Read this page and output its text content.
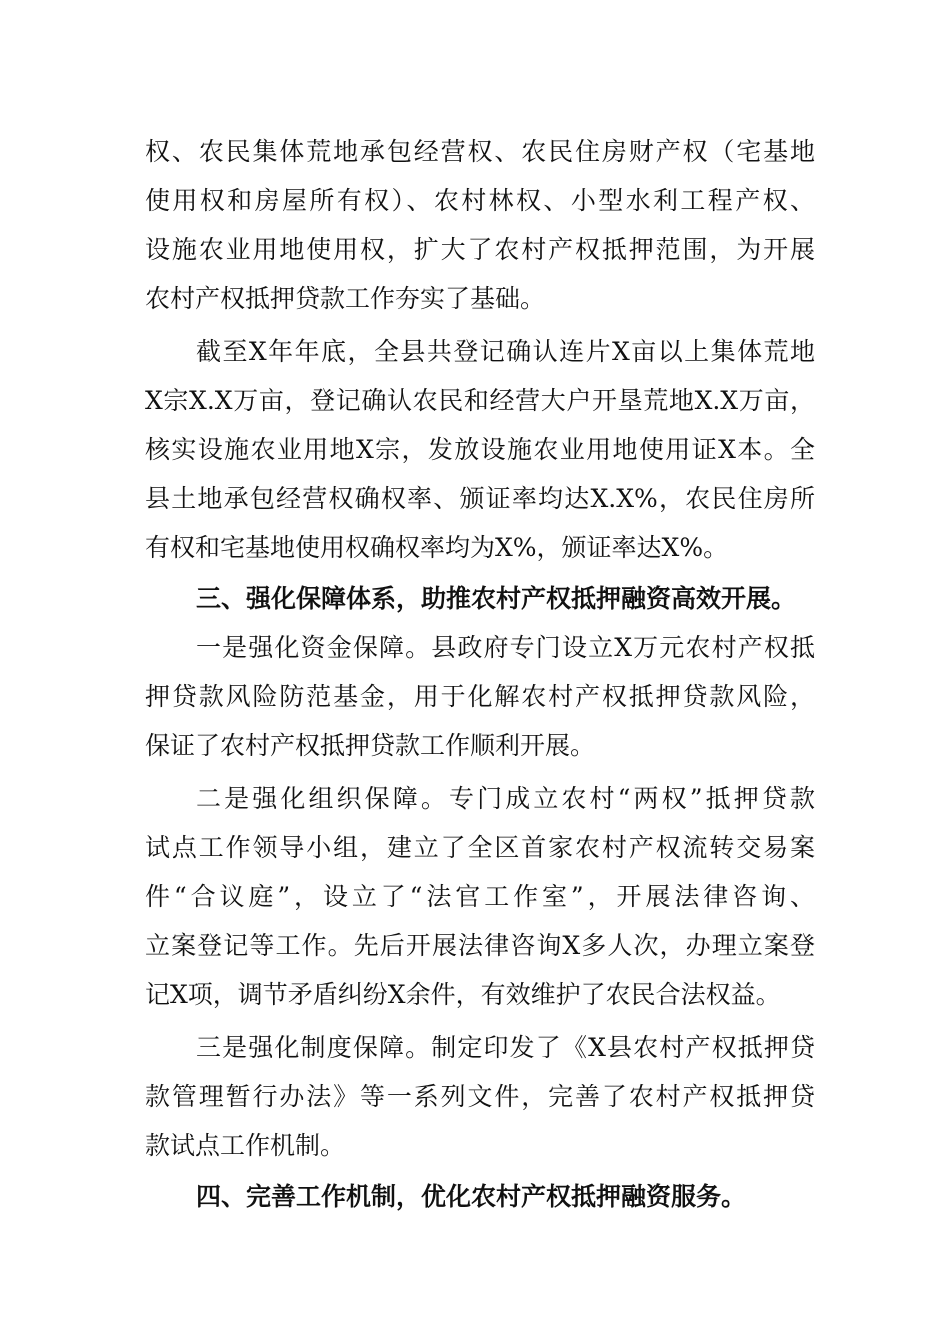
权、农民集体荒地承包经营权、农民住房财产权（宅基地
使用权和房屋所有权）、农村林权、小型水利工程产权、
设施农业用地使用权，扩大了农村产权抵押范围，为开展
农村产权抵押贷款工作夯实了基础。
截至X年年底，全县共登记确认连片X亩以上集体荒地
X宗X.X万亩，登记确认农民和经营大户开垦荒地X.X万亩，
核实设施农业用地X宗，发放设施农业用地使用证X本。全
县土地承包经营权确权率、颁证率均达X.X%，农民住房所
有权和宅基地使用权确权率均为X%，颁证率达X%。
三、强化保障体系，助推农村产权抵押融资高效开展。
一是强化资金保障。县政府专门设立X万元农村产权抵
押贷款风险防范基金，用于化解农村产权抵押贷款风险，
保证了农村产权抵押贷款工作顺利开展。
二是强化组织保障。专门成立农村“两权”抵押贷款
试点工作领导小组，建立了全区首家农村产权流转交易案
件“合议庭”，设立了“法官工作室”，开展法律咨询、
立案登记等工作。先后开展法律咨询X多人次，办理立案登
记X项，调节矛盾纠纷X余件，有效维护了农民合法权益。
三是强化制度保障。制定印发了《X县农村产权抵押贷
款管理暂行办法》等一系列文件，完善了农村产权抵押贷
款试点工作机制。
四、完善工作机制，优化农村产权抵押融资服务。
